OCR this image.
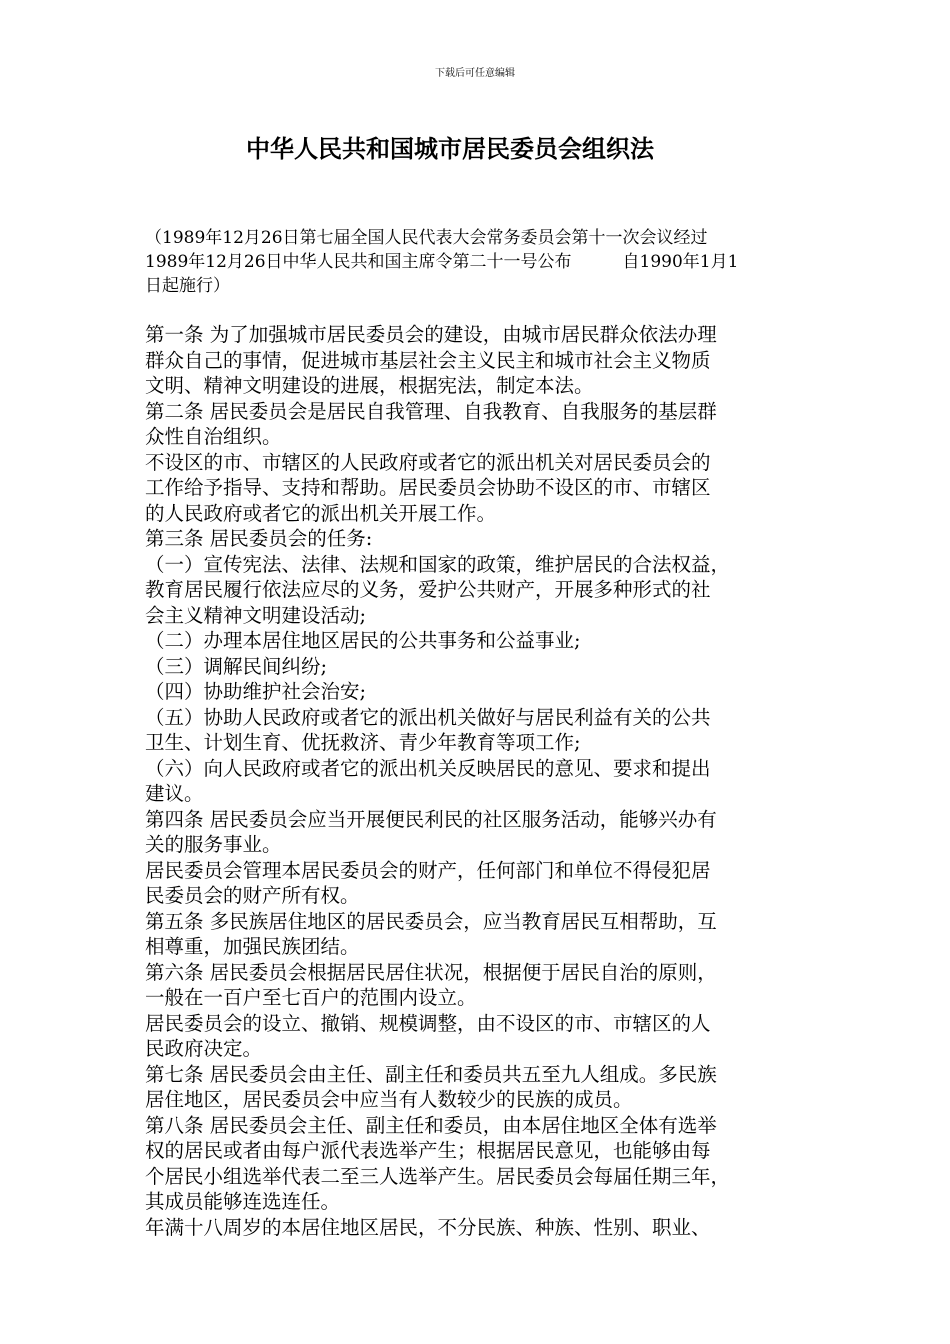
下载后可任意编辑
中华人民共和国城市居民委员会组织法
（1989年12月26日第七届全国人民代表大会常务委员会第十一次会议经过
1989年12月26日中华人民共和国主席令第二十一号公布　　　自1990年1月1
日起施行）
第一条 为了加强城市居民委员会的建设，由城市居民群众依法办理
群众自己的事情，促进城市基层社会主义民主和城市社会主义物质
文明、精神文明建设的进展，根据宪法，制定本法。
第二条 居民委员会是居民自我管理、自我教育、自我服务的基层群
众性自治组织。
不设区的市、市辖区的人民政府或者它的派出机关对居民委员会的
工作给予指导、支持和帮助。居民委员会协助不设区的市、市辖区
的人民政府或者它的派出机关开展工作。
第三条 居民委员会的任务:
（一）宣传宪法、法律、法规和国家的政策，维护居民的合法权益，
教育居民履行依法应尽的义务，爱护公共财产，开展多种形式的社
会主义精神文明建设活动;
（二）办理本居住地区居民的公共事务和公益事业;
（三）调解民间纠纷;
（四）协助维护社会治安;
（五）协助人民政府或者它的派出机关做好与居民利益有关的公共
卫生、计划生育、优抚救济、青少年教育等项工作;
（六）向人民政府或者它的派出机关反映居民的意见、要求和提出
建议。
第四条 居民委员会应当开展便民利民的社区服务活动，能够兴办有
关的服务事业。
居民委员会管理本居民委员会的财产，任何部门和单位不得侵犯居
民委员会的财产所有权。
第五条 多民族居住地区的居民委员会，应当教育居民互相帮助，互
相尊重，加强民族团结。
第六条 居民委员会根据居民居住状况，根据便于居民自治的原则，
一般在一百户至七百户的范围内设立。
居民委员会的设立、撤销、规模调整，由不设区的市、市辖区的人
民政府决定。
第七条 居民委员会由主任、副主任和委员共五至九人组成。多民族
居住地区，居民委员会中应当有人数较少的民族的成员。
第八条 居民委员会主任、副主任和委员，由本居住地区全体有选举
权的居民或者由每户派代表选举产生；根据居民意见，也能够由每
个居民小组选举代表二至三人选举产生。居民委员会每届任期三年，
其成员能够连选连任。
年满十八周岁的本居住地区居民，不分民族、种族、性别、职业、
